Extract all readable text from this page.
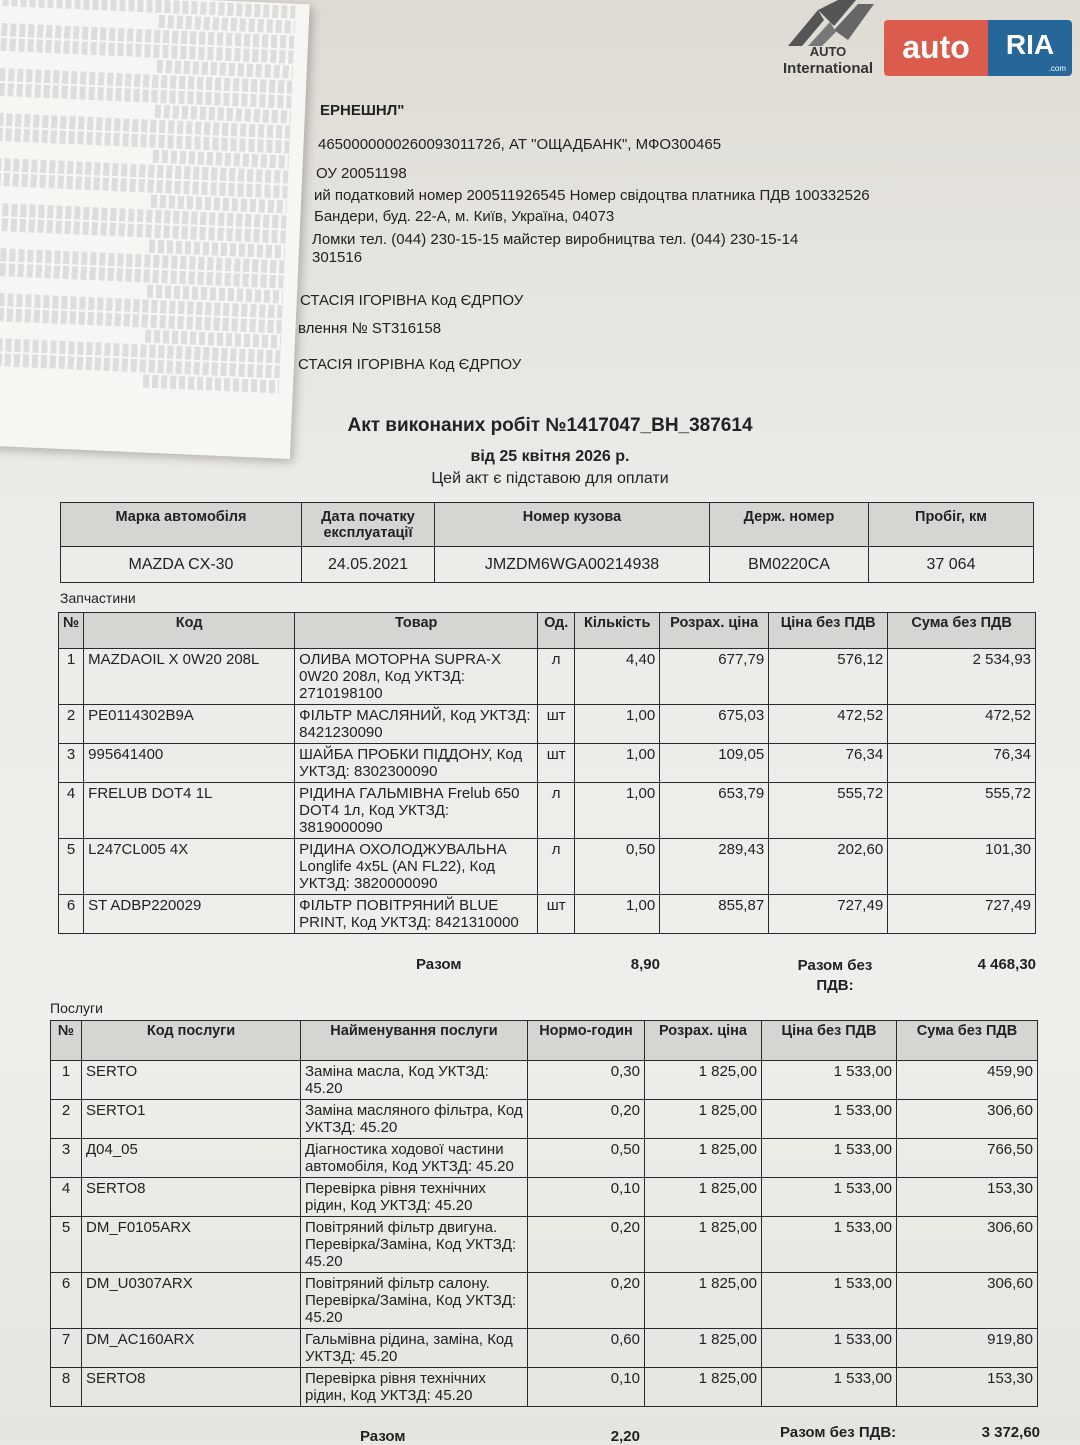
AUTO
International
auto	RIA
.com
ЕРНЕШНЛ"
465000000026009301172б, АТ "ОЩАДБАНК", МФО300465
ОУ 20051198
ий податковий номер 200511926545 Номер свідоцтва платника ПДВ 100332526
Бандери, буд. 22-А, м. Київ, Україна, 04073
Ломки тел. (044) 230-15-15 майстер виробництва тел. (044) 230-15-14
301516
СТАСІЯ ІГОРІВНА Код ЄДРПОУ
влення № ST316158
СТАСІЯ ІГОРІВНА Код ЄДРПОУ
Акт виконаних робіт №1417047_ВН_387614
від 25 квітня 2026 р.
Цей акт є підставою для оплати
Марка автомобіля	Дата початку експлуатації	Номер кузова	Держ. номер	Пробіг, км
MAZDA CX-30	24.05.2021	JMZDM6WGA00214938	BM0220CA	37 064
Запчастини
№	Код	Товар	Од.	Кількість	Розрах. ціна	Ціна без ПДВ	Сума без ПДВ
1	MAZDAOIL X 0W20 208L	ОЛИВА МОТОРНА SUPRA-X 0W20 208л, Код УКТЗД: 2710198100	л	4,40	677,79	576,12	2 534,93
2	PE0114302B9A	ФІЛЬТР МАСЛЯНИЙ, Код УКТЗД: 8421230090	шт	1,00	675,03	472,52	472,52
3	995641400	ШАЙБА ПРОБКИ ПІДДОНУ, Код УКТЗД: 8302300090	шт	1,00	109,05	76,34	76,34
4	FRELUB DOT4 1L	РІДИНА ГАЛЬМІВНА Frelub 650 DOT4 1л, Код УКТЗД: 3819000090	л	1,00	653,79	555,72	555,72
5	L247CL005 4X	РІДИНА ОХОЛОДЖУВАЛЬНА Longlife 4x5L (AN FL22), Код УКТЗД: 3820000090	л	0,50	289,43	202,60	101,30
6	ST ADBP220029	ФІЛЬТР ПОВІТРЯНИЙ BLUE PRINT, Код УКТЗД: 8421310000	шт	1,00	855,87	727,49	727,49
Разом	8,90	Разом без ПДВ:
4 468,30
Послуги
№	Код послуги	Найменування послуги	Нормо-годин	Розрах. ціна	Ціна без ПДВ	Сума без ПДВ
1	SERTO	Заміна масла, Код УКТЗД: 45.20	0,30	1 825,00	1 533,00	459,90
2	SERTO1	Заміна масляного фільтра, Код УКТЗД: 45.20	0,20	1 825,00	1 533,00	306,60
3	Д04_05	Діагностика ходової частини автомобіля, Код УКТЗД: 45.20	0,50	1 825,00	1 533,00	766,50
4	SERTO8	Перевірка рівня технічних рідин, Код УКТЗД: 45.20	0,10	1 825,00	1 533,00	153,30
5	DM_F0105ARX	Повітряний фільтр двигуна. Перевірка/Заміна, Код УКТЗД: 45.20	0,20	1 825,00	1 533,00	306,60
6	DM_U0307ARX	Повітряний фільтр салону. Перевірка/Заміна, Код УКТЗД: 45.20	0,20	1 825,00	1 533,00	306,60
7	DM_AC160ARX	Гальмівна рідина, заміна, Код УКТЗД: 45.20	0,60	1 825,00	1 533,00	919,80
8	SERTO8	Перевірка рівня технічних рідин, Код УКТЗД: 45.20	0,10	1 825,00	1 533,00	153,30
Разом	2,20	Разом без ПДВ:	3 372,60
